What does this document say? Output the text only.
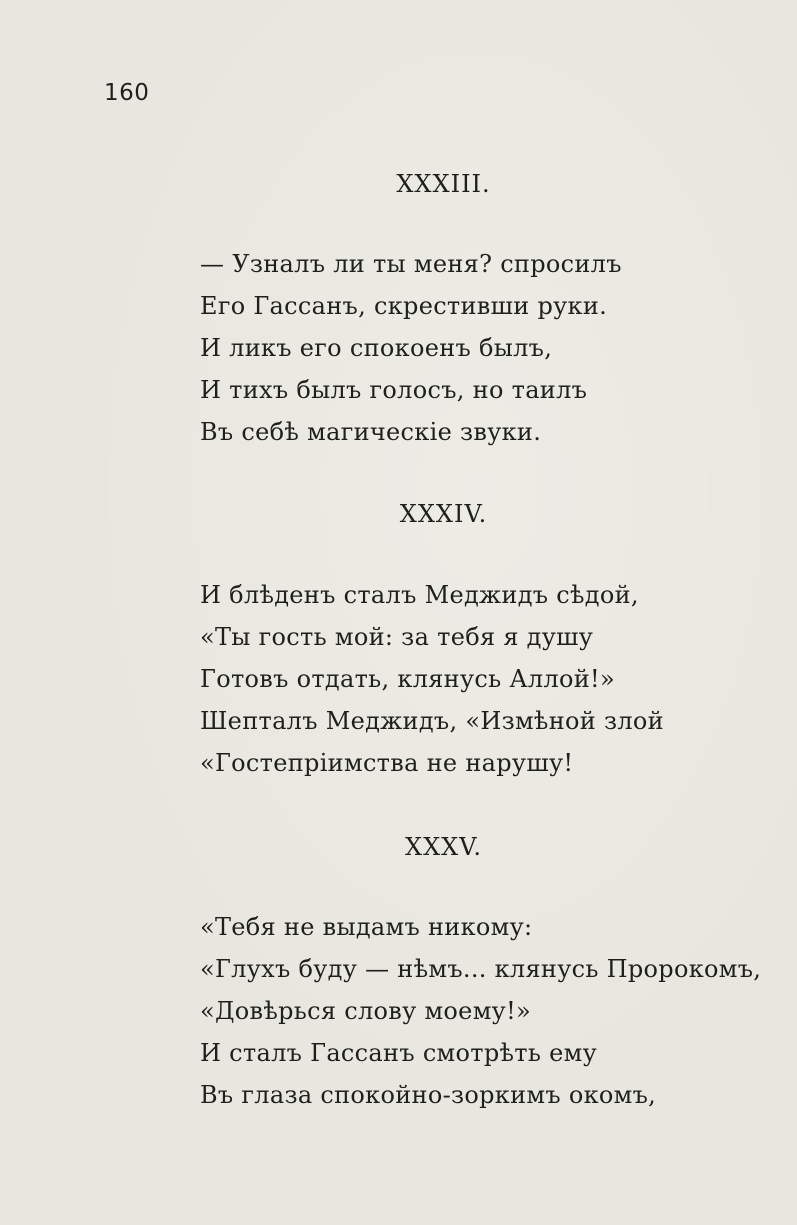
160
XXXIII.
— Узналъ ли ты меня? спросилъ
Его Гассанъ, скрестивши руки.
И ликъ его спокоенъ былъ,
И тихъ былъ голосъ, но таилъ
Въ себѣ магическіе звуки.
XXXIV.
И блѣденъ сталъ Меджидъ сѣдой,
«Ты гость мой: за тебя я душу
Готовъ отдать, клянусь Аллой!»
Шепталъ Меджидъ, «Измѣной злой
«Гостепріимства не нарушу!
XXXV.
«Тебя не выдамъ никому:
«Глухъ буду — нѣмъ... клянусь Пророкомъ,
«Довѣрься слову моему!»
И сталъ Гассанъ смотрѣть ему
Въ глаза спокойно-зоркимъ окомъ,
